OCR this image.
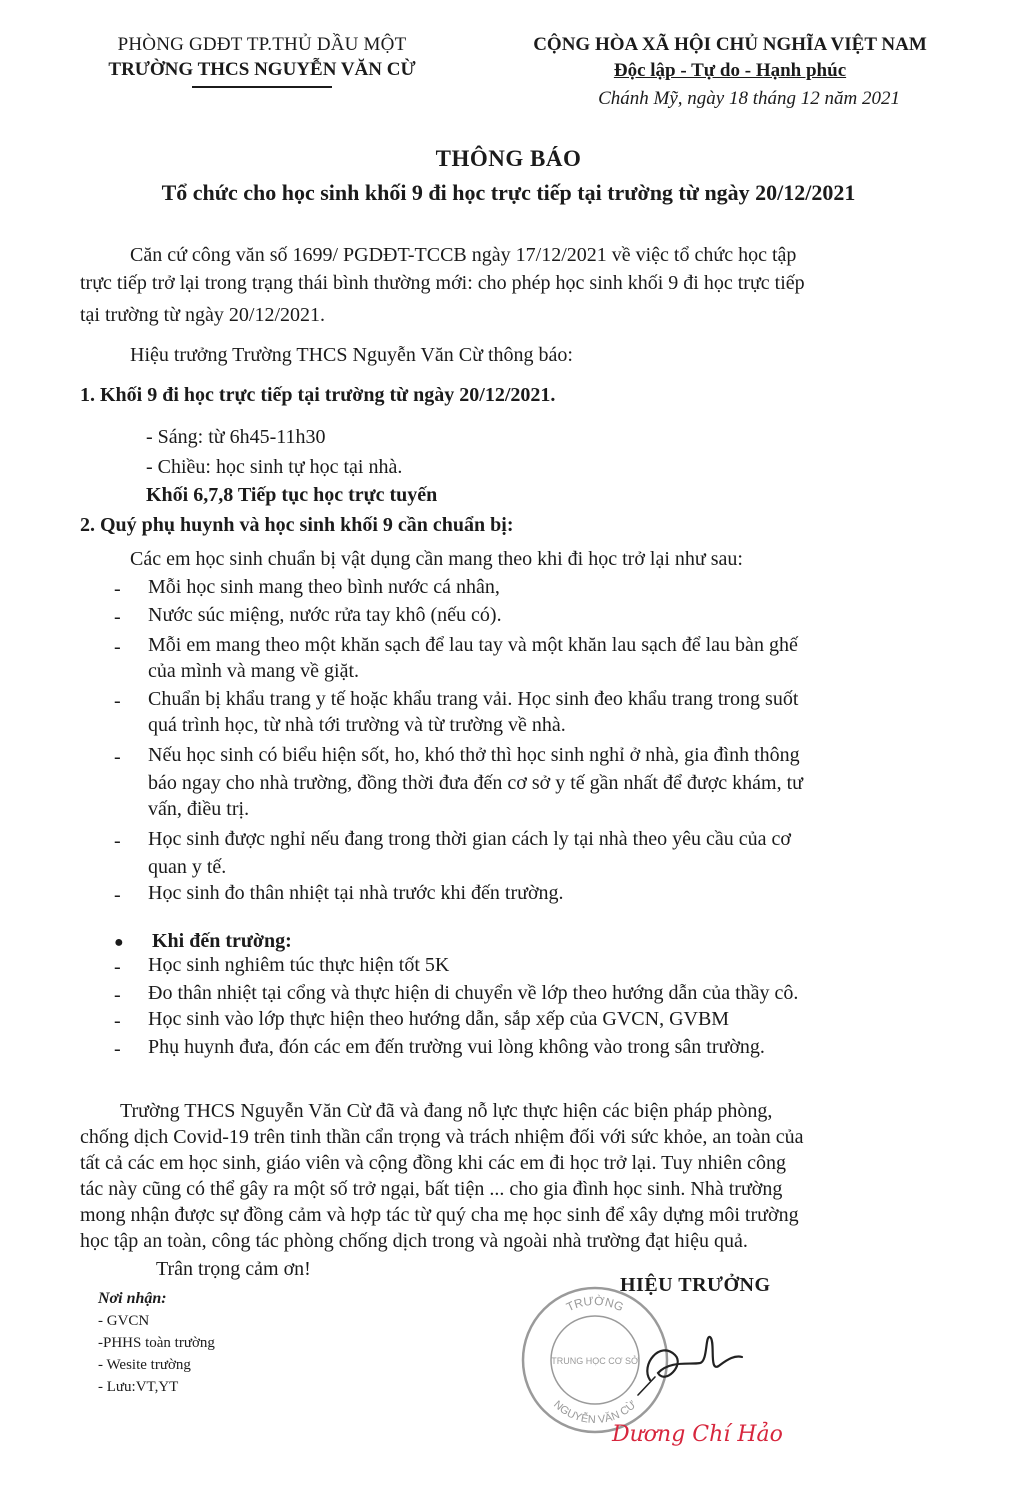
PHÒNG GDĐT TP.THỦ DẦU MỘT
TRƯỜNG THCS NGUYỄN VĂN CỪ
CỘNG HÒA XÃ HỘI CHỦ NGHĨA VIỆT NAM
Độc lập - Tự do - Hạnh phúc
Chánh Mỹ, ngày 18 tháng 12 năm 2021
THÔNG BÁO
Tổ chức cho học sinh khối 9 đi học trực tiếp tại trường từ ngày 20/12/2021
Căn cứ công văn số 1699/ PGDĐT-TCCB ngày 17/12/2021 về việc tổ chức học tập
trực tiếp trở lại trong trạng thái bình thường mới: cho phép học sinh khối 9 đi học trực tiếp
tại trường từ ngày 20/12/2021.
Hiệu trưởng Trường THCS Nguyễn Văn Cừ thông báo:
1. Khối 9 đi học trực tiếp tại trường từ ngày 20/12/2021.
- Sáng: từ 6h45-11h30
- Chiều: học sinh tự học tại nhà.
Khối 6,7,8 Tiếp tục học trực tuyến
2. Quý phụ huynh và học sinh khối 9 cần chuẩn bị:
Các em học sinh chuẩn bị vật dụng cần mang theo khi đi học trở lại như sau:
- Mỗi học sinh mang theo bình nước cá nhân,
- Nước súc miệng, nước rửa tay khô (nếu có).
- Mỗi em mang theo một khăn sạch để lau tay và một khăn lau sạch để lau bàn ghế
của mình và mang về giặt.
- Chuẩn bị khẩu trang y tế hoặc khẩu trang vải. Học sinh đeo khẩu trang trong suốt
quá trình học, từ nhà tới trường và từ trường về nhà.
- Nếu học sinh có biểu hiện sốt, ho, khó thở thì học sinh nghỉ ở nhà, gia đình thông
báo ngay cho nhà trường, đồng thời đưa đến cơ sở y tế gần nhất để được khám, tư
vấn, điều trị.
- Học sinh được nghỉ nếu đang trong thời gian cách ly tại nhà theo yêu cầu của cơ
quan y tế.
- Học sinh đo thân nhiệt tại nhà trước khi đến trường.
● Khi đến trường:
- Học sinh nghiêm túc thực hiện tốt 5K
- Đo thân nhiệt tại cổng và thực hiện di chuyển về lớp theo hướng dẫn của thầy cô.
- Học sinh vào lớp thực hiện theo hướng dẫn, sắp xếp của GVCN, GVBM
- Phụ huynh đưa, đón các em đến trường vui lòng không vào trong sân trường.
Trường THCS Nguyễn Văn Cừ đã và đang nỗ lực thực hiện các biện pháp phòng,
chống dịch Covid-19 trên tinh thần cẩn trọng và trách nhiệm đối với sức khỏe, an toàn của
tất cả các em học sinh, giáo viên và cộng đồng khi các em đi học trở lại. Tuy nhiên công
tác này cũng có thể gây ra một số trở ngại, bất tiện ... cho gia đình học sinh. Nhà trường
mong nhận được sự đồng cảm và hợp tác từ quý cha mẹ học sinh để xây dựng môi trường
học tập an toàn, công tác phòng chống dịch trong và ngoài nhà trường đạt hiệu quả.
Trân trọng cảm ơn!
Nơi nhận:
- GVCN
-PHHS toàn trường
- Wesite trường
- Lưu:VT,YT
HIỆU TRƯỞNG
TRƯỜNG
TRUNG HỌC CƠ SỞ
NGUYỄN VĂN CỪ
Dương Chí Hảo
